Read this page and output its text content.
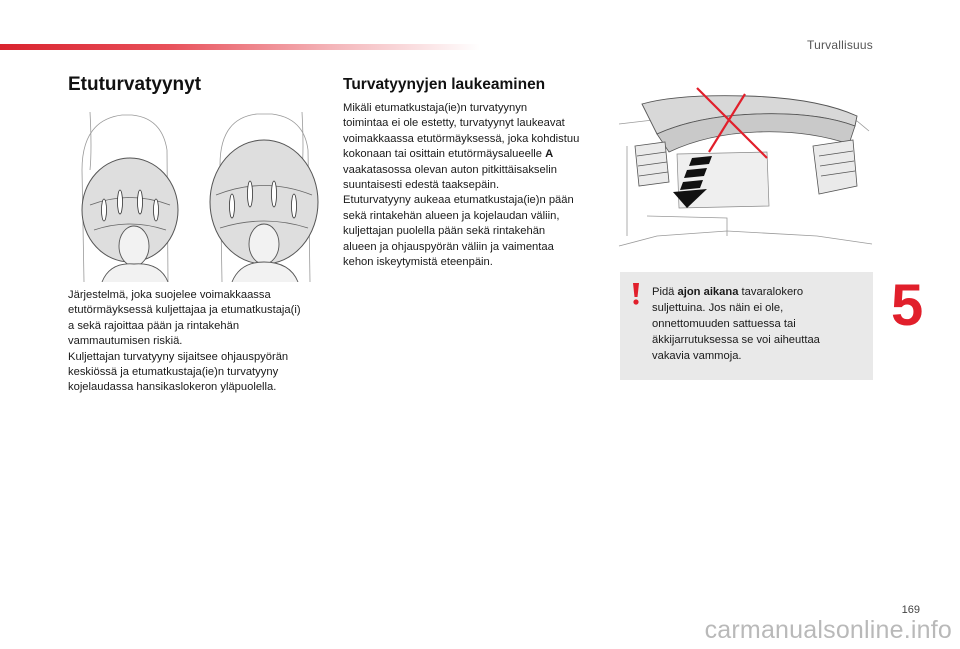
Turvallisuus
Etuturvatyynyt

Järjestelmä, joka suojelee voimakkaassa
etutörmäyksessä kuljettajaa ja etumatkustaja(i)
a sekä rajoittaa pään ja rintakehän
vammautumisen riskiä.
Kuljettajan turvatyyny sijaitsee ohjauspyörän
keskiössä ja etumatkustaja(ie)n turvatyyny
kojelaudassa hansikaslokeron yläpuolella.

Turvatyynyjen laukeaminen

Mikäli etumatkustaja(ie)n turvatyynyn
toimintaa ei ole estetty, turvatyynyt laukeavat
voimakkaassa etutörmäyksessä, joka kohdistuu
kokonaan tai osittain etutörmäysalueelle A
vaakatasossa olevan auton pitkittäisakselin
suuntaisesti edestä taaksepäin.
Etuturvatyyny aukeaa etumatkustaja(ie)n pään
sekä rintakehän alueen ja kojelaudan väliin,
kuljettajan puolella pään sekä rintakehän
alueen ja ohjauspyörän väliin ja vaimentaa
kehon iskeytymistä eteenpäin.

Pidä ajon aikana tavaralokero suljettuina. Jos näin ei ole, onnettomuuden sattuessa tai äkkijarrutuksessa se voi aiheuttaa vakavia vammoja.
5
169
carmanualsonline.info
